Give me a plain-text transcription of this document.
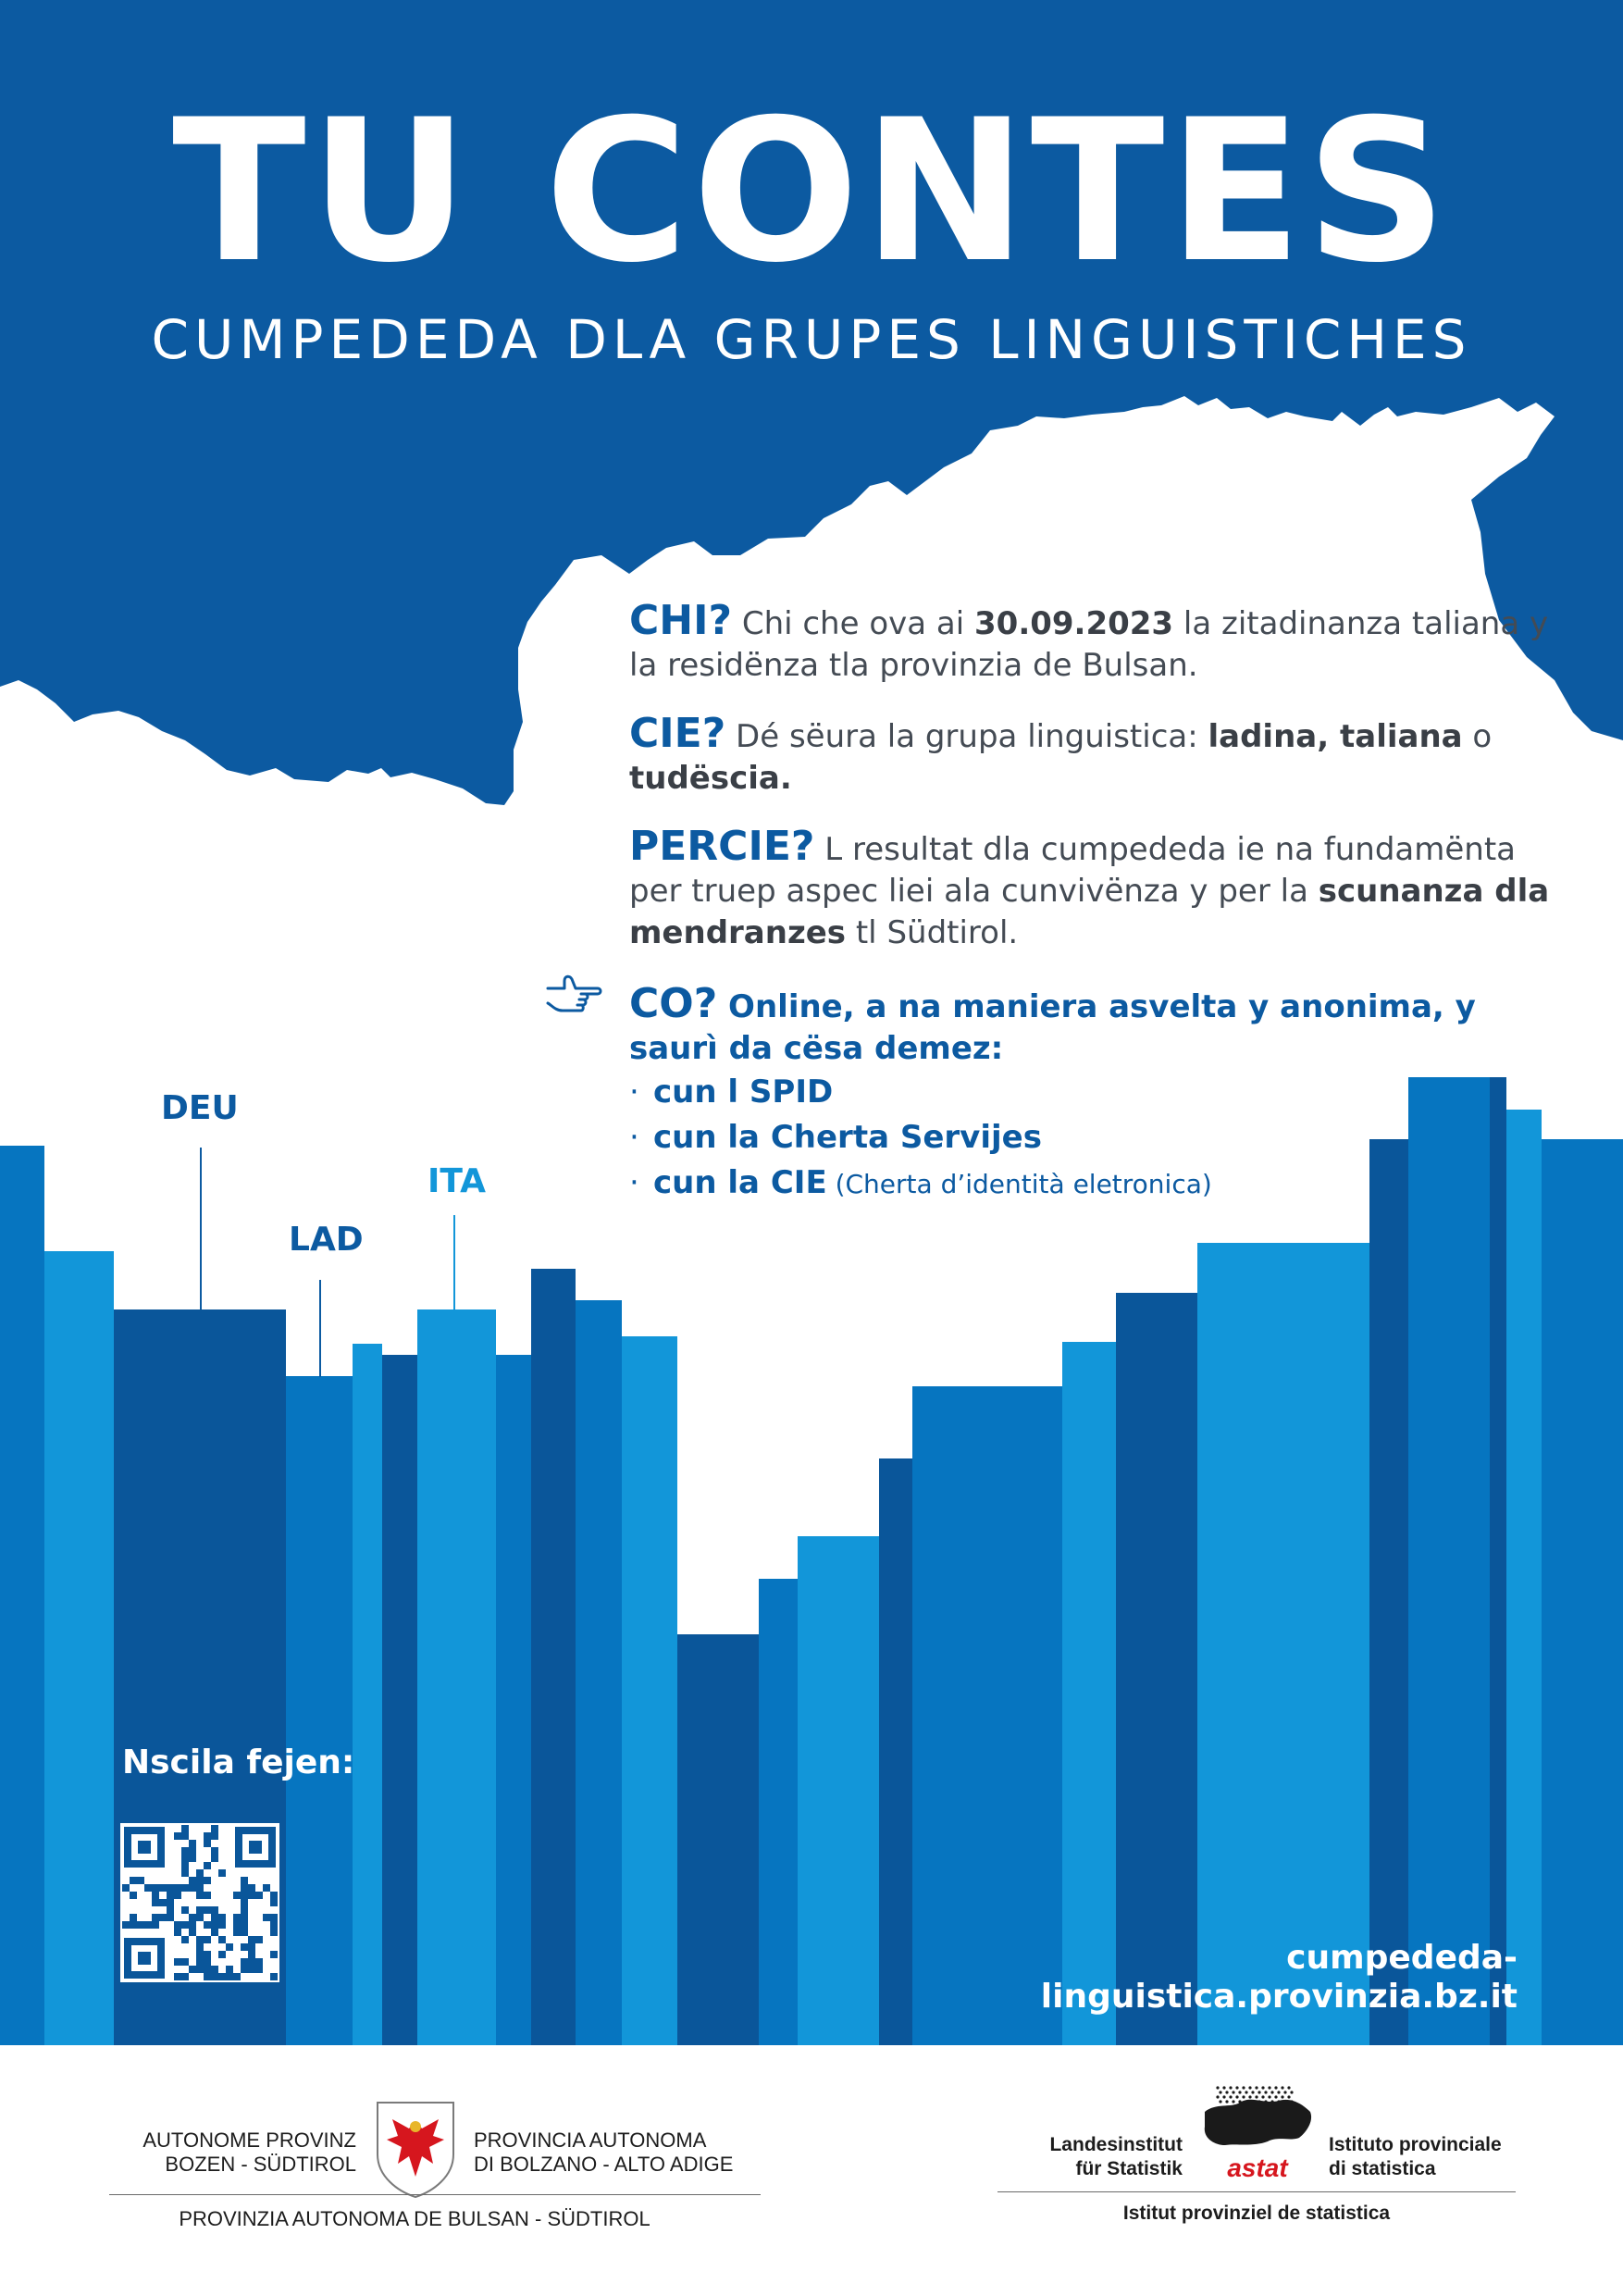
TU CONTES
CUMPEDEDA DLA GRUPES LINGUISTICHES

CHI? Chi che ova ai 30.09.2023 la zitadinanza taliana y la residënza tla provinzia de Bulsan.

CIE? Dé sëura la grupa linguistica: ladina, taliana o tudëscia.

PERCIE? L resultat dla cumpededa ie na fundamënta per truep aspec liei ala cunvivënza y per la scunanza dla mendranzes tl Südtirol.

CO? Online, a na maniera asvelta y anonima, y saurì da cësa demez:

· cun l SPID
· cun la Cherta Servijes
· cun la CIE (Cherta d’identità eletronica)
DEU
LAD
ITA
Nscila fejen:
cumpededa-linguistica.provinzia.bz.it
AUTONOME PROVINZ
BOZEN - SÜDTIROL
PROVINCIA AUTONOMA
DI BOLZANO - ALTO ADIGE
PROVINZIA AUTONOMA DE BULSAN - SÜDTIROL
Landesinstitut
für Statistik astat
Istituto provinciale
di statistica
Istitut provinziel de statistica
